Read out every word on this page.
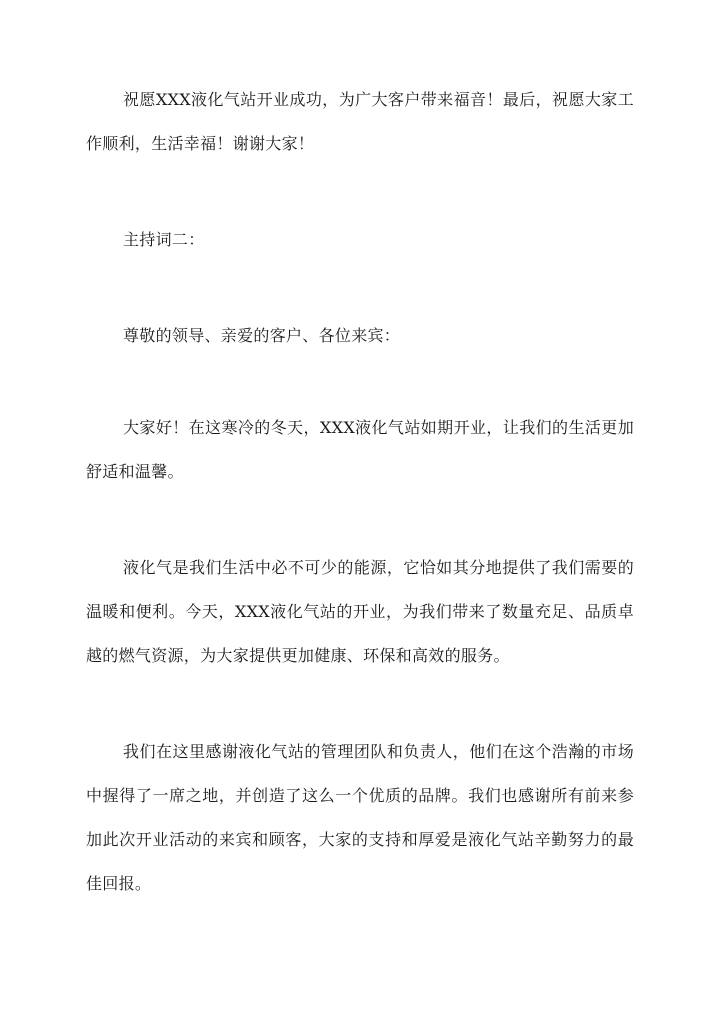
祝愿XXX液化气站开业成功，为广大客户带来福音！最后，祝愿大家工作顺利，生活幸福！谢谢大家！

主持词二：

尊敬的领导、亲爱的客户、各位来宾：

大家好！在这寒冷的冬天，XXX液化气站如期开业，让我们的生活更加舒适和温馨。

液化气是我们生活中必不可少的能源，它恰如其分地提供了我们需要的温暖和便利。今天，XXX液化气站的开业，为我们带来了数量充足、品质卓越的燃气资源，为大家提供更加健康、环保和高效的服务。

我们在这里感谢液化气站的管理团队和负责人，他们在这个浩瀚的市场中握得了一席之地，并创造了这么一个优质的品牌。我们也感谢所有前来参加此次开业活动的来宾和顾客，大家的支持和厚爱是液化气站辛勤努力的最佳回报。
